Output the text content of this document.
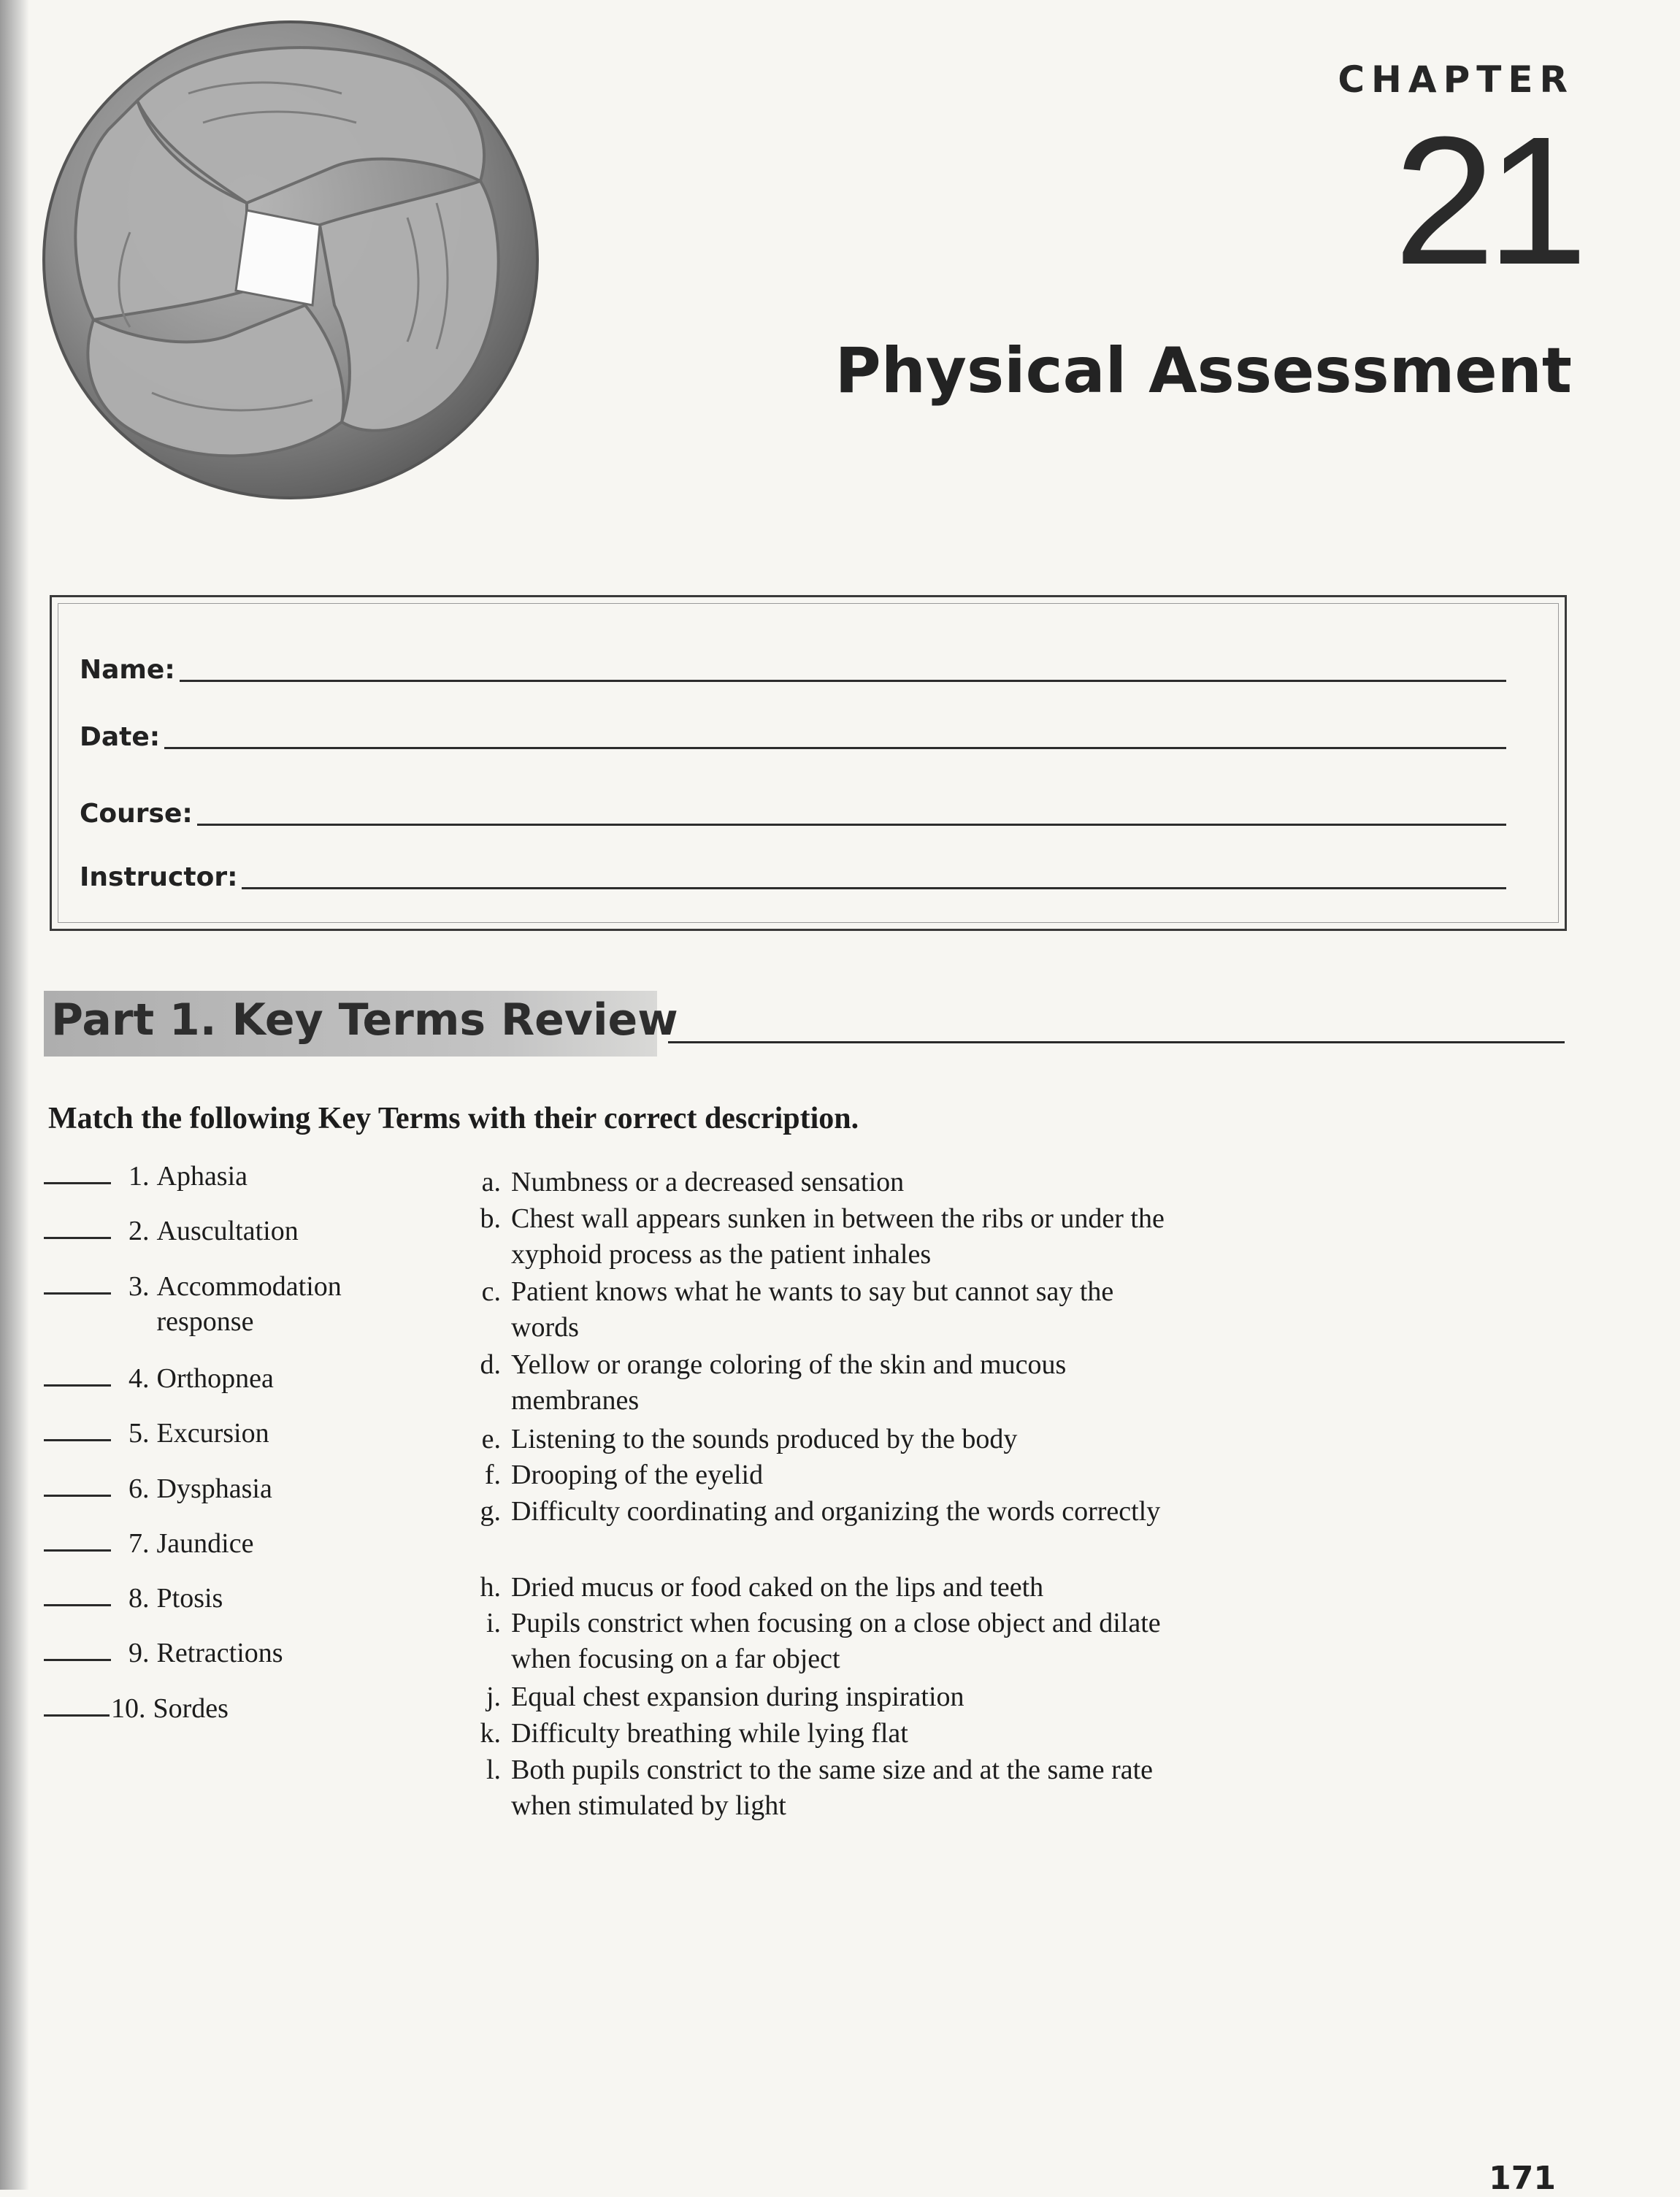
CHAPTER
21
Physical Assessment
Name:
Date:
Course:
Instructor:
Part 1. Key Terms Review
Match the following Key Terms with their correct description.
1. Aphasia
2. Auscultation
3. Accommodation response
4. Orthopnea
5. Excursion
6. Dysphasia
7. Jaundice
8. Ptosis
9. Retractions
10. Sordes
a. Numbness or a decreased sensation
b. Chest wall appears sunken in between the ribs or under the xyphoid process as the patient inhales
c. Patient knows what he wants to say but cannot say the words
d. Yellow or orange coloring of the skin and mucous membranes
e. Listening to the sounds produced by the body
f. Drooping of the eyelid
g. Difficulty coordinating and organizing the words correctly
h. Dried mucus or food caked on the lips and teeth
i. Pupils constrict when focusing on a close object and dilate when focusing on a far object
j. Equal chest expansion during inspiration
k. Difficulty breathing while lying flat
l. Both pupils constrict to the same size and at the same rate when stimulated by light
171
